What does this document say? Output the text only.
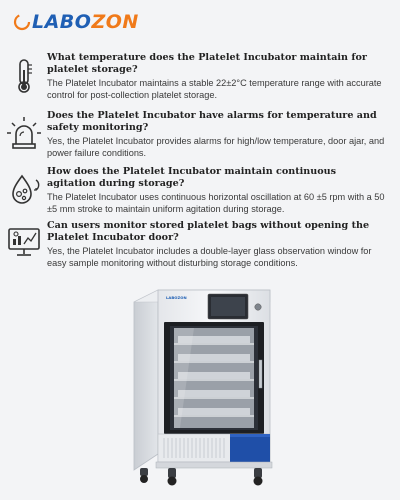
LABOZON
What temperature does the Platelet Incubator maintain for platelet storage?
The Platelet Incubator maintains a stable 22±2°C temperature range with accurate control for post-collection platelet storage.
Does the Platelet Incubator have alarms for temperature and safety monitoring?
Yes, the Platelet Incubator provides alarms for high/low temperature, door ajar, and power failure conditions.
How does the Platelet Incubator maintain continuous agitation during storage?
The Platelet Incubator uses continuous horizontal oscillation at 60 ±5 rpm with a 50 ±5 mm stroke to maintain uniform agitation during storage.
Can users monitor stored platelet bags without opening the Platelet Incubator door?
Yes, the Platelet Incubator includes a double-layer glass observation window for easy sample monitoring without disturbing storage conditions.
LABOZON
